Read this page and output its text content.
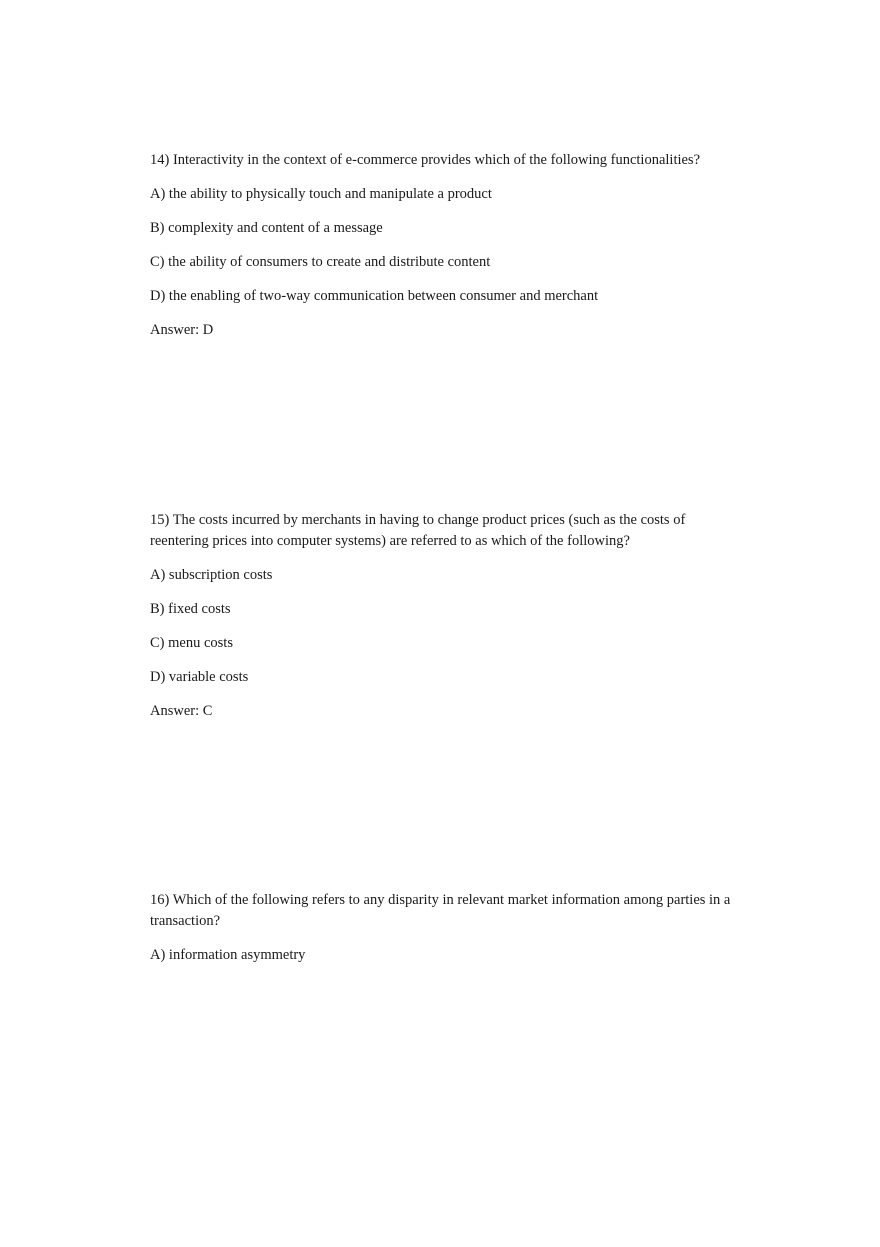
14) Interactivity in the context of e-commerce provides which of the following functionalities?

A) the ability to physically touch and manipulate a product

B) complexity and content of a message

C) the ability of consumers to create and distribute content

D) the enabling of two-way communication between consumer and merchant

Answer: D

15) The costs incurred by merchants in having to change product prices (such as the costs of reentering prices into computer systems) are referred to as which of the following?

A) subscription costs

B) fixed costs

C) menu costs

D) variable costs

Answer: C

16) Which of the following refers to any disparity in relevant market information among parties in a transaction?

A) information asymmetry
